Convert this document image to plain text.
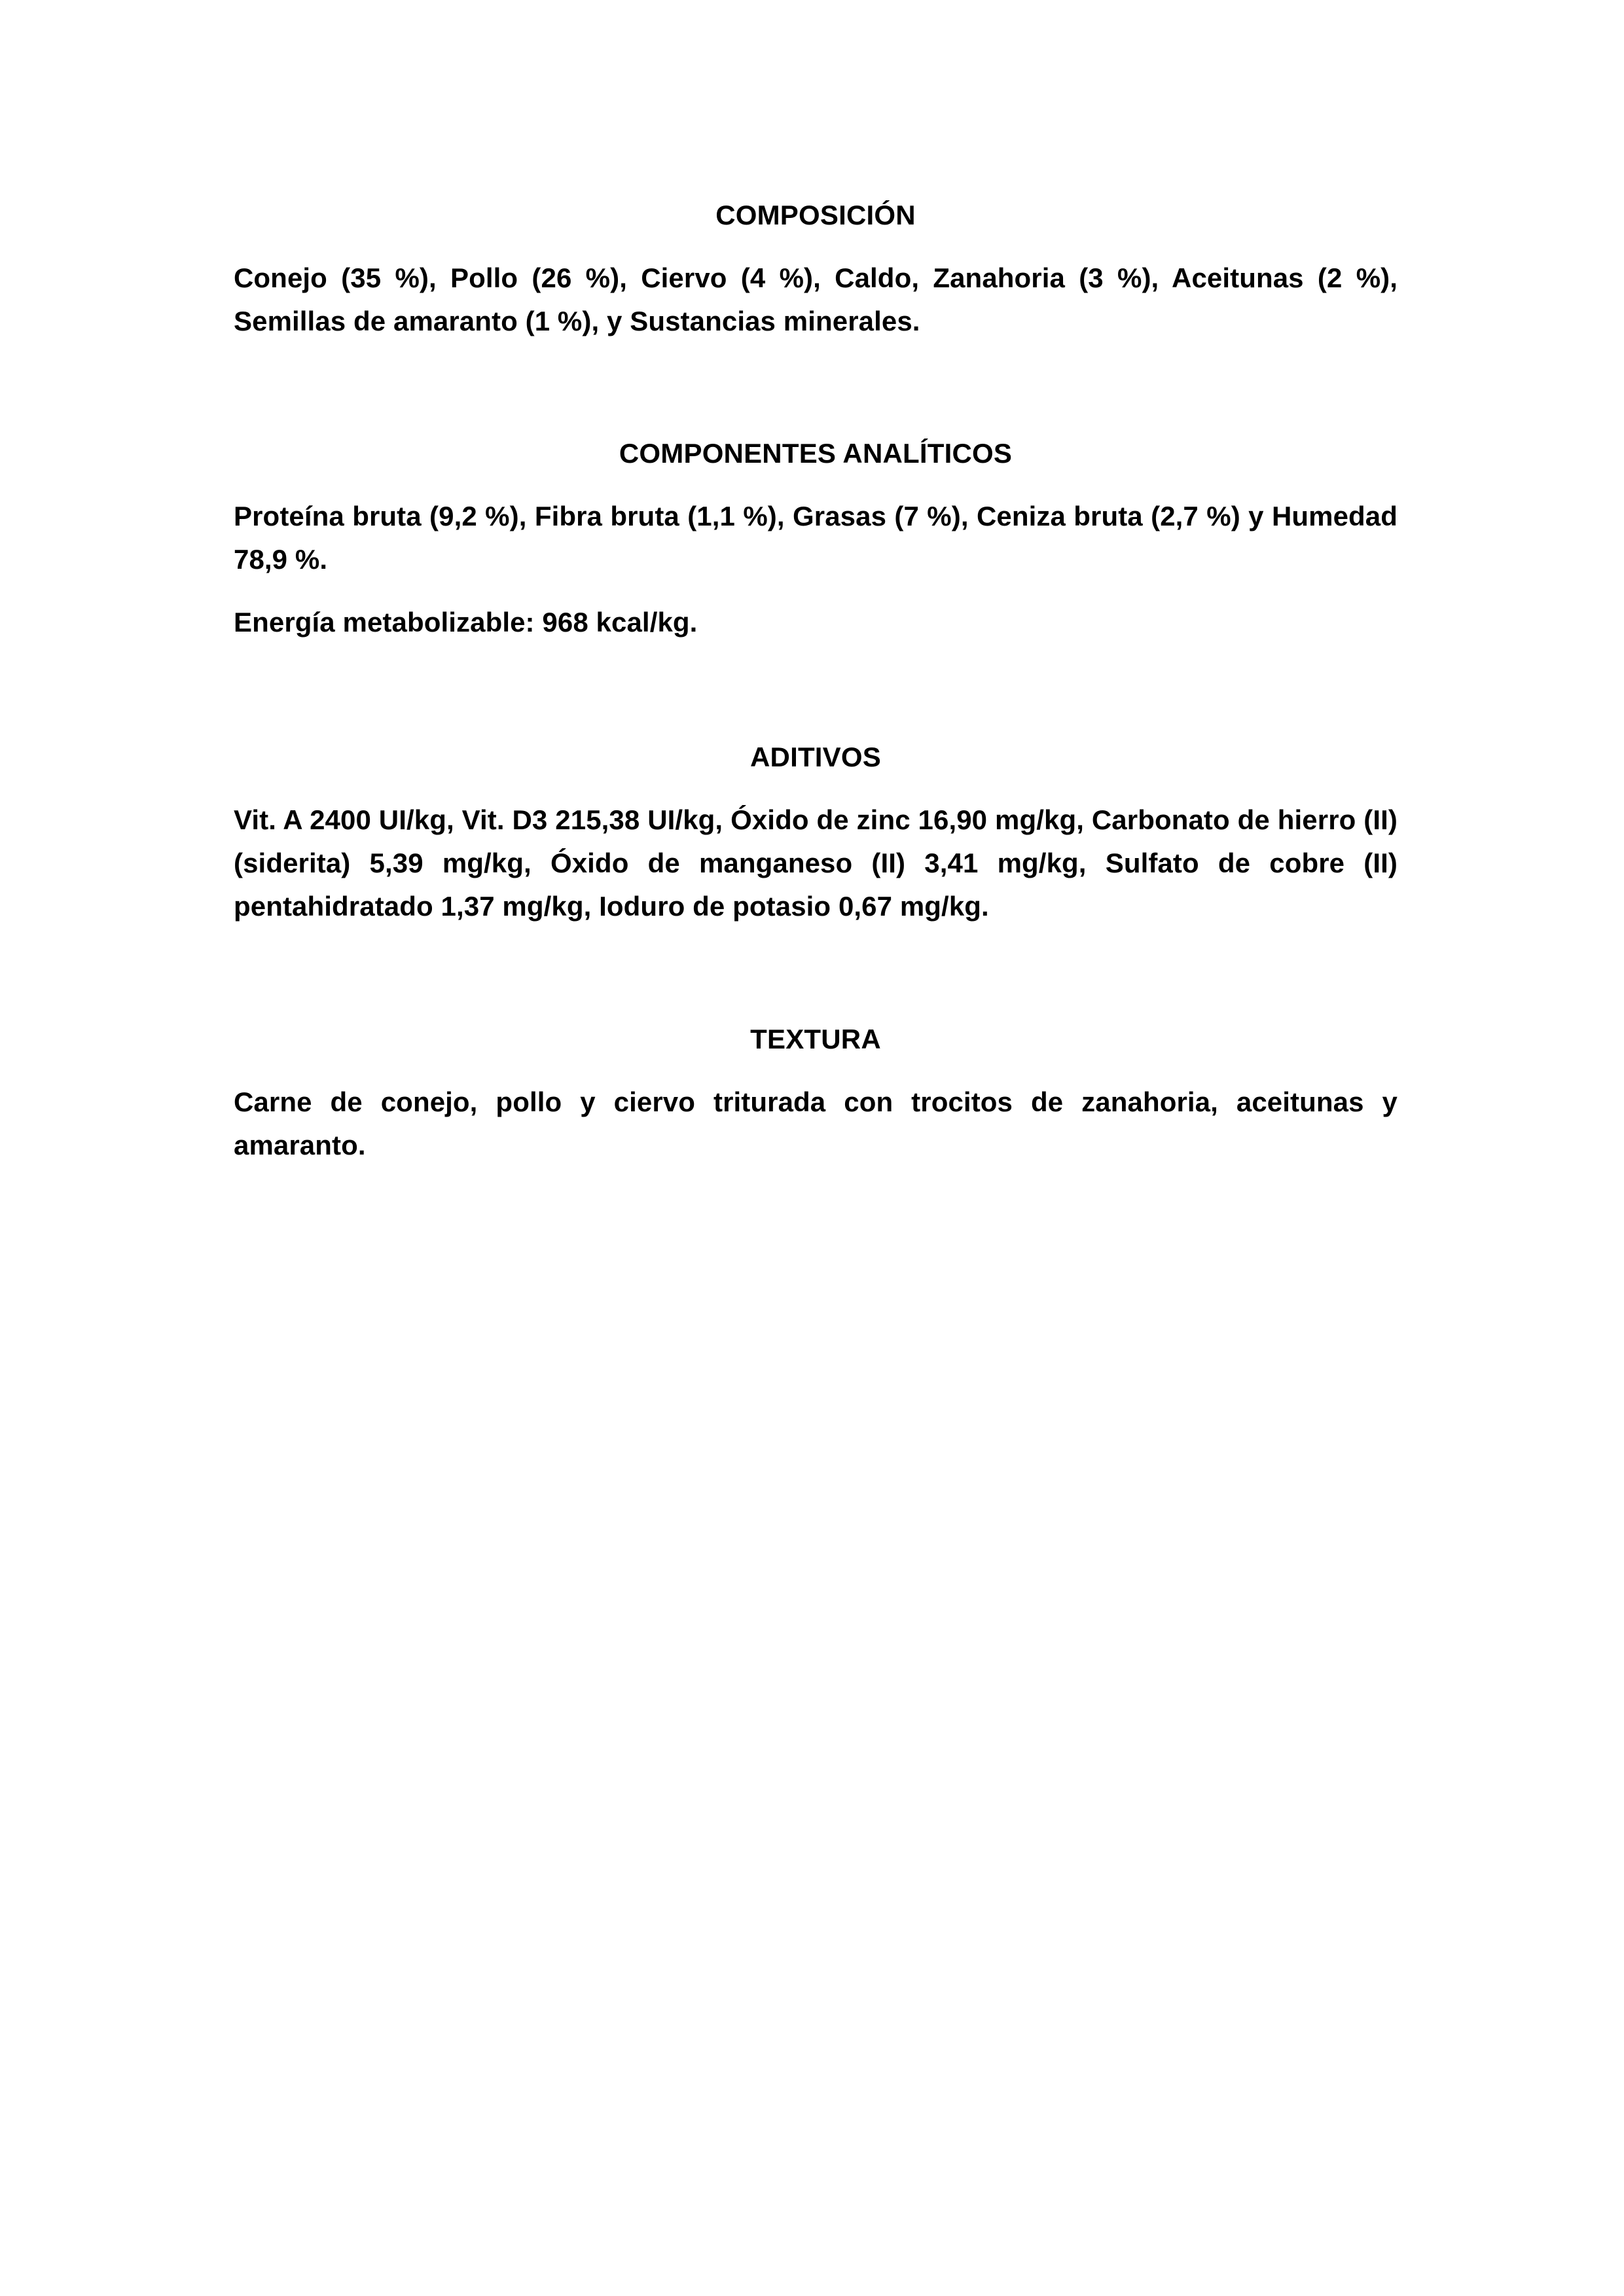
COMPOSICIÓN

Conejo (35 %), Pollo (26 %), Ciervo (4 %), Caldo, Zanahoria (3 %), Aceitunas (2 %), Semillas de amaranto (1 %), y Sustancias minerales.

COMPONENTES ANALÍTICOS

Proteína bruta (9,2 %), Fibra bruta (1,1 %), Grasas (7 %), Ceniza bruta (2,7 %) y Humedad 78,9 %.

Energía metabolizable: 968 kcal/kg.

ADITIVOS

Vit. A 2400 UI/kg, Vit. D3 215,38 UI/kg, Óxido de zinc 16,90 mg/kg, Carbonato de hierro (II) (siderita) 5,39 mg/kg, Óxido de manganeso (II) 3,41 mg/kg, Sulfato de cobre (II) pentahidratado 1,37 mg/kg, Ioduro de potasio 0,67 mg/kg.

TEXTURA

Carne de conejo, pollo y ciervo triturada con trocitos de zanahoria, aceitunas y amaranto.
